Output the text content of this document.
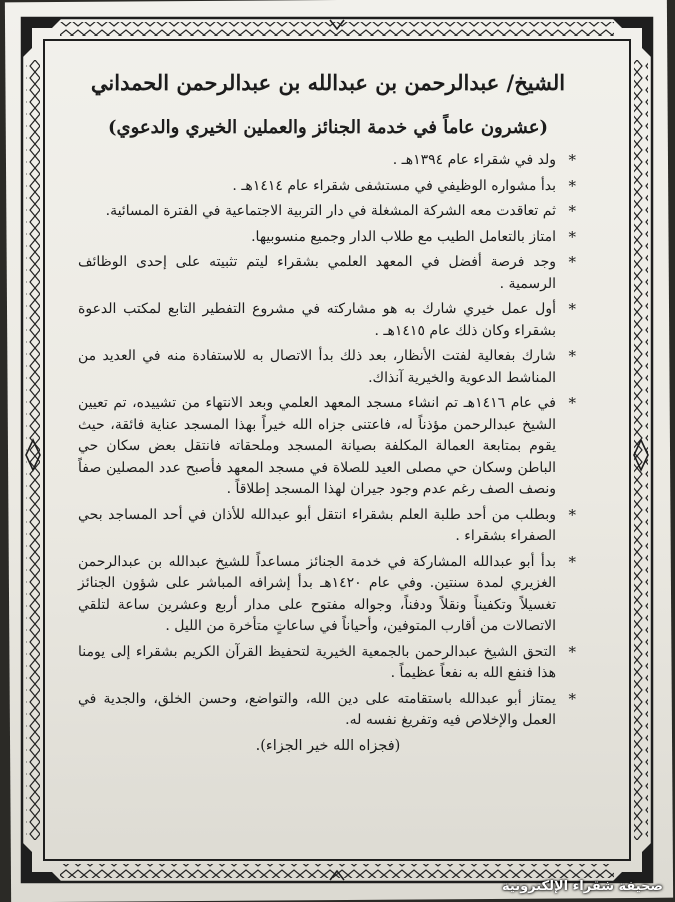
الشيخ/ عبدالرحمن بن عبدالله بن عبدالرحمن الحمداني
(عشرون عاماً في خدمة الجنائز والعملين الخيري والدعوي)
*
ولد في شقراء عام ١٣٩٤هـ .
*
بدأ مشواره الوظيفي في مستشفى شقراء عام ١٤١٤هـ .
*
ثم تعاقدت معه الشركة المشغلة في دار التربية الاجتماعية في الفترة المسائية.
*
امتاز بالتعامل الطيب مع طلاب الدار وجميع منسوبيها.
*
وجد فرصة أفضل في المعهد العلمي بشقراء ليتم تثبيته على إحدى الوظائف الرسمية .
*
أول عمل خيري شارك به هو مشاركته في مشروع التفطير التابع لمكتب الدعوة بشقراء وكان ذلك عام ١٤١٥هـ .
*
شارك بفعالية لفتت الأنظار، بعد ذلك بدأ الاتصال به للاستفادة منه في العديد من المناشط الدعوية والخيرية آنذاك.
*
في عام ١٤١٦هـ تم انشاء مسجد المعهد العلمي وبعد الانتهاء من تشييده، تم تعيين الشيخ عبدالرحمن مؤذناً له، فاعتنى جزاه الله خيراً بهذا المسجد عناية فائقة، حيث يقوم بمتابعة العمالة المكلفة بصيانة المسجد وملحقاته فانتقل بعض سكان حي الباطن وسكان حي مصلى العيد للصلاة في مسجد المعهد فأصبح عدد المصلين صفاً ونصف الصف رغم عدم وجود جيران لهذا المسجد إطلاقاً .
*
وبطلب من أحد طلبة العلم بشقراء انتقل أبو عبدالله للأذان في أحد المساجد بحي الصفراء بشقراء .
*
بدأ أبو عبدالله المشاركة في خدمة الجنائز مساعداً للشيخ عبدالله بن عبدالرحمن الغزيري لمدة سنتين. وفي عام ١٤٢٠هـ بدأ إشرافه المباشر على شؤون الجنائز تغسيلاً وتكفيناً ونقلاً ودفناً، وجواله مفتوح على مدار أربع وعشرين ساعة لتلقي الاتصالات من أقارب المتوفين، وأحياناً في ساعاتٍ متأخرة من الليل .
*
التحق الشيخ عبدالرحمن بالجمعية الخيرية لتحفيظ القرآن الكريم بشقراء إلى يومنا هذا فنفع الله به نفعاً عظيماً .
*
يمتاز أبو عبدالله باستقامته على دين الله، والتواضع، وحسن الخلق، والجدية في العمل والإخلاص فيه وتفريغ نفسه له.

(فجزاه الله خير الجزاء).

صحيفة شقراء الإلكترونية
